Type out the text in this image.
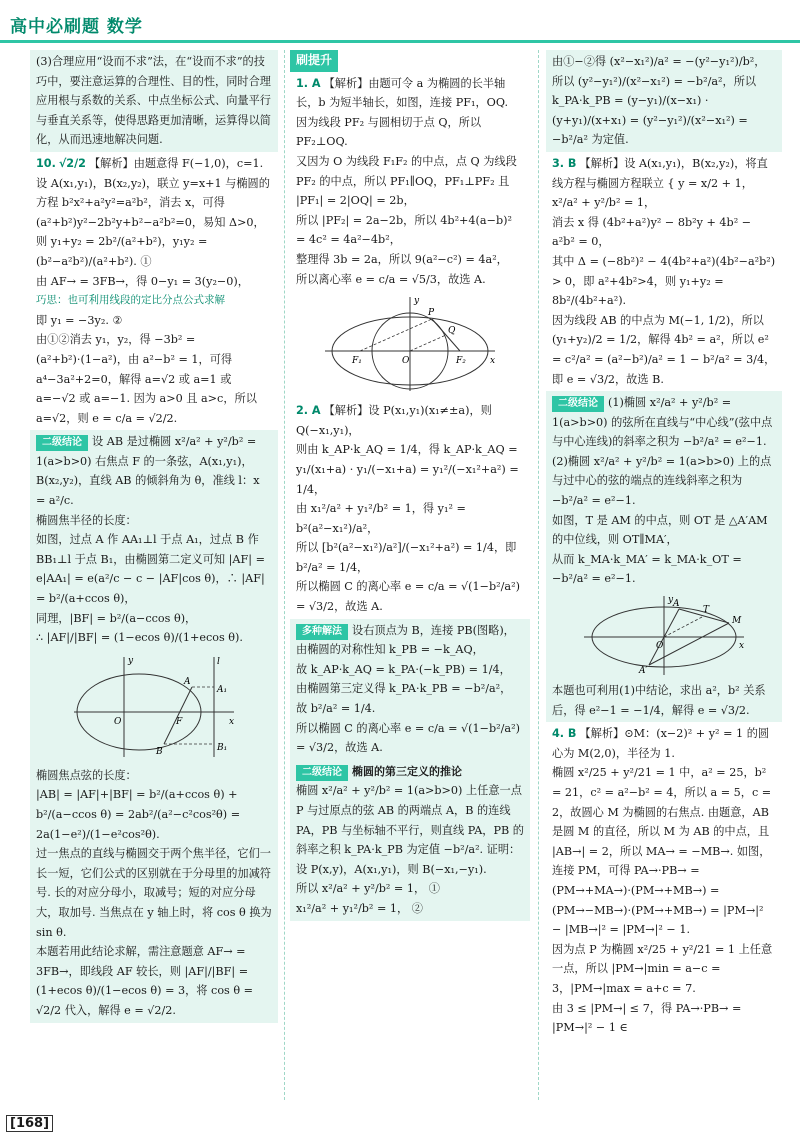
高中必刷题 数学

(3)合理应用“设而不求”法，在“设而不求”的技巧中，要注意运算的合理性、目的性，同时合理应用根与系数的关系、中点坐标公式、向量平行与垂直关系等，使得思路更加清晰，运算得以简化，从而迅速地解决问题.

10. √2/2 【解析】由题意得 F(−1,0)，c=1.

设 A(x₁,y₁)，B(x₂,y₂)，联立 y=x+1 与椭圆的方程 b²x²+a²y²=a²b²，消去 x，可得 (a²+b²)y²−2b²y+b²−a²b²=0，易知 Δ>0，

则 y₁+y₂ = 2b²/(a²+b²)，y₁y₂ = (b²−a²b²)/(a²+b²). ①

由 AF→ = 3FB→，得 0−y₁ = 3(y₂−0)，

巧思：也可利用线段的定比分点公式求解

即 y₁ = −3y₂. ②

由①②消去 y₁，y₂，得 −3b² = (a²+b²)·(1−a²)，由 a²−b² = 1，可得 a⁴−3a²+2=0，解得 a=√2 或 a=1 或 a=−√2 或 a=−1. 因为 a>0 且 a>c，所以 a=√2，则 e = c/a = √2/2.

二级结论 设 AB 是过椭圆 x²/a² + y²/b² = 1(a>b>0) 右焦点 F 的一条弦，A(x₁,y₁)，B(x₂,y₂)，直线 AB 的倾斜角为 θ，准线 l：x = a²/c.

椭圆焦半径的长度：

如图，过点 A 作 AA₁⊥l 于点 A₁，过点 B 作 BB₁⊥l 于点 B₁，由椭圆第二定义可知 |AF| = e|AA₁| = e(a²/c − c − |AF|cos θ)，∴ |AF| = b²/(a+ccos θ)，

同理，|BF| = b²/(a−ccos θ)，

∴ |AF|/|BF| = (1−ecos θ)/(1+ecos θ).

y
x
O	F
A
A₁
B	B₁
l

椭圆焦点弦的长度：

|AB| = |AF|+|BF| = b²/(a+ccos θ) + b²/(a−ccos θ) = 2ab²/(a²−c²cos²θ) = 2a(1−e²)/(1−e²cos²θ).

过一焦点的直线与椭圆交于两个焦半径，它们一长一短，它们公式的区别就在于分母里的加减符号. 长的对应分母小，取减号；短的对应分母大，取加号. 当焦点在 y 轴上时，将 cos θ 换为 sin θ.

本题若用此结论求解，需注意题意 AF→ = 3FB→，即线段 AF 较长，则 |AF|/|BF| = (1+ecos θ)/(1−ecos θ) = 3，将 cos θ = √2/2 代入，解得 e = √2/2.

刷提升

1. A 【解析】由题可令 a 为椭圆的长半轴长，b 为短半轴长，如图，连接 PF₁，OQ.

因为线段 PF₂ 与圆相切于点 Q，所以 PF₂⊥OQ.

又因为 O 为线段 F₁F₂ 的中点，点 Q 为线段 PF₂ 的中点，所以 PF₁∥OQ，PF₁⊥PF₂ 且 |PF₁| = 2|OQ| = 2b，

所以 |PF₂| = 2a−2b，所以 4b²+4(a−b)² = 4c² = 4a²−4b²，

整理得 3b = 2a，所以 9(a²−c²) = 4a²，

所以离心率 e = c/a = √5/3，故选 A.

y
P
Q
F₁	O	F₂	x

2. A 【解析】设 P(x₁,y₁)(x₁≠±a)，则 Q(−x₁,y₁)，

则由 k_AP·k_AQ = 1/4，得 k_AP·k_AQ = y₁/(x₁+a) · y₁/(−x₁+a) = y₁²/(−x₁²+a²) = 1/4，

由 x₁²/a² + y₁²/b² = 1，得 y₁² = b²(a²−x₁²)/a²，

所以 [b²(a²−x₁²)/a²]/(−x₁²+a²) = 1/4，即 b²/a² = 1/4，

所以椭圆 C 的离心率 e = c/a = √(1−b²/a²) = √3/2，故选 A.

多种解法 设右顶点为 B，连接 PB(图略)，由椭圆的对称性知 k_PB = −k_AQ，

故 k_AP·k_AQ = k_PA·(−k_PB) = 1/4，

由椭圆第三定义得 k_PA·k_PB = −b²/a²，

故 b²/a² = 1/4.

所以椭圆 C 的离心率 e = c/a = √(1−b²/a²) = √3/2，故选 A.

二级结论 椭圆的第三定义的推论

椭圆 x²/a² + y²/b² = 1(a>b>0) 上任意一点 P 与过原点的弦 AB 的两端点 A，B 的连线 PA，PB 与坐标轴不平行，则直线 PA，PB 的斜率之积 k_PA·k_PB 为定值 −b²/a². 证明：

设 P(x,y)，A(x₁,y₁)，则 B(−x₁,−y₁).

所以 x²/a² + y²/b² = 1， ①

x₁²/a² + y₁²/b² = 1， ②

由①−②得 (x²−x₁²)/a² = −(y²−y₁²)/b²，所以 (y²−y₁²)/(x²−x₁²) = −b²/a²，所以 k_PA·k_PB = (y−y₁)/(x−x₁) · (y+y₁)/(x+x₁) = (y²−y₁²)/(x²−x₁²) = −b²/a² 为定值.

3. B 【解析】设 A(x₁,y₁)，B(x₂,y₂)，将直线方程与椭圆方程联立 { y = x/2 + 1， x²/a² + y²/b² = 1，

消去 x 得 (4b²+a²)y² − 8b²y + 4b² − a²b² = 0，

其中 Δ = (−8b²)² − 4(4b²+a²)(4b²−a²b²) > 0，即 a²+4b²>4，则 y₁+y₂ = 8b²/(4b²+a²).

因为线段 AB 的中点为 M(−1, 1/2)，所以 (y₁+y₂)/2 = 1/2，解得 4b² = a²，所以 e² = c²/a² = (a²−b²)/a² = 1 − b²/a² = 3/4，即 e = √3/2，故选 B.

二级结论 (1)椭圆 x²/a² + y²/b² = 1(a>b>0) 的弦所在直线与“中心线”(弦中点与中心连线)的斜率之积为 −b²/a² = e²−1.

(2)椭圆 x²/a² + y²/b² = 1(a>b>0) 上的点与过中心的弦的端点的连线斜率之积为 −b²/a² = e²−1.

如图，T 是 AM 的中点，则 OT 是 △A′AM 的中位线，则 OT∥MA′，

从而 k_MA·k_MA′ = k_MA·k_OT = −b²/a² = e²−1.

y A
T
M
O	x
A′

本题也可利用(1)中结论，求出 a²，b² 关系后，得 e²−1 = −1/4，解得 e = √3/2.

4. B 【解析】⊙M：(x−2)² + y² = 1 的圆心为 M(2,0)，半径为 1.

椭圆 x²/25 + y²/21 = 1 中，a² = 25，b² = 21，c² = a²−b² = 4，所以 a = 5，c = 2，故圆心 M 为椭圆的右焦点. 由题意，AB 是圆 M 的直径，所以 M 为 AB 的中点，且 |AB→| = 2，所以 MA→ = −MB→. 如图，连接 PM，可得 PA→·PB→ = (PM→+MA→)·(PM→+MB→) = (PM→−MB→)·(PM→+MB→) = |PM→|² − |MB→|² = |PM→|² − 1.

因为点 P 为椭圆 x²/25 + y²/21 = 1 上任意一点，所以 |PM→|min = a−c = 3，|PM→|max = a+c = 7.

由 3 ≤ |PM→| ≤ 7，得 PA→·PB→ = |PM→|² − 1 ∈

[168]
